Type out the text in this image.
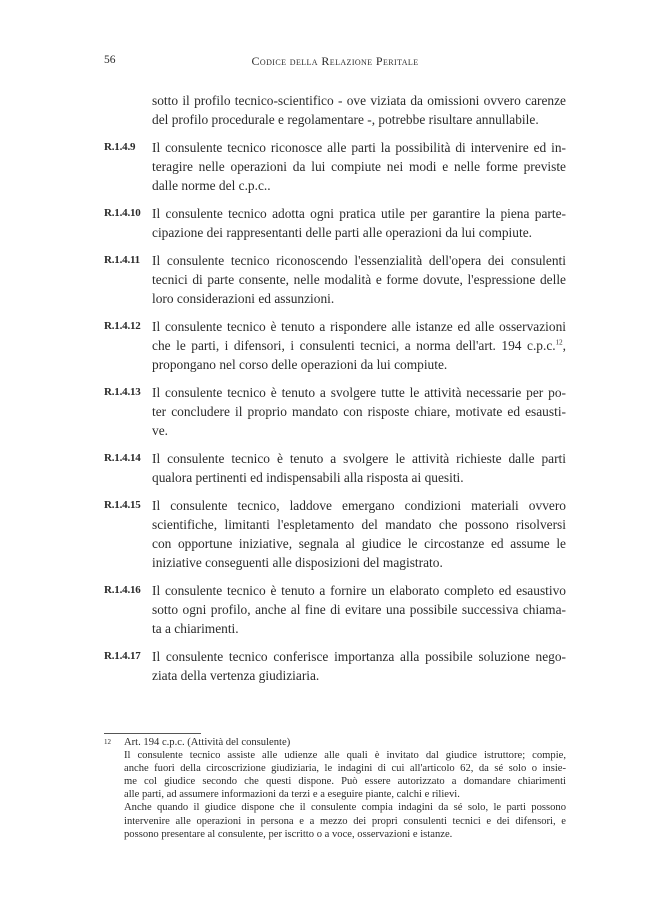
56	Codice della Relazione Peritale
sotto il profilo tecnico-scientifico - ove viziata da omissioni ovvero carenze
del profilo procedurale e regolamentare -, potrebbe risultare annullabile.
R.1.4.9 Il consulente tecnico riconosce alle parti la possibilità di intervenire ed in-
teragire nelle operazioni da lui compiute nei modi e nelle forme previste
dalle norme del c.p.c..
R.1.4.10 Il consulente tecnico adotta ogni pratica utile per garantire la piena parte-
cipazione dei rappresentanti delle parti alle operazioni da lui compiute.
R.1.4.11 Il consulente tecnico riconoscendo l'essenzialità dell'opera dei consulenti
tecnici di parte consente, nelle modalità e forme dovute, l'espressione delle
loro considerazioni ed assunzioni.
R.1.4.12 Il consulente tecnico è tenuto a rispondere alle istanze ed alle osservazioni
che le parti, i difensori, i consulenti tecnici, a norma dell'art. 194 c.p.c.$^{12}$,
propongano nel corso delle operazioni da lui compiute.
R.1.4.13 Il consulente tecnico è tenuto a svolgere tutte le attività necessarie per po-
ter concludere il proprio mandato con risposte chiare, motivate ed esausti-
ve.
R.1.4.14 Il consulente tecnico è tenuto a svolgere le attività richieste dalle parti
qualora pertinenti ed indispensabili alla risposta ai quesiti.
R.1.4.15 Il consulente tecnico, laddove emergano condizioni materiali ovvero
scientifiche, limitanti l'espletamento del mandato che possono risolversi
con opportune iniziative, segnala al giudice le circostanze ed assume le
iniziative conseguenti alle disposizioni del magistrato.
R.1.4.16 Il consulente tecnico è tenuto a fornire un elaborato completo ed esaustivo
sotto ogni profilo, anche al fine di evitare una possibile successiva chiama-
ta a chiarimenti.
R.1.4.17 Il consulente tecnico conferisce importanza alla possibile soluzione nego-
ziata della vertenza giudiziaria.
12 Art. 194 c.p.c. (Attività del consulente)
Il consulente tecnico assiste alle udienze alle quali è invitato dal giudice istruttore; compie,
anche fuori della circoscrizione giudiziaria, le indagini di cui all'articolo 62, da sé solo o insie-
me col giudice secondo che questi dispone. Può essere autorizzato a domandare chiarimenti
alle parti, ad assumere informazioni da terzi e a eseguire piante, calchi e rilievi.
Anche quando il giudice dispone che il consulente compia indagini da sé solo, le parti possono
intervenire alle operazioni in persona e a mezzo dei propri consulenti tecnici e dei difensori, e
possono presentare al consulente, per iscritto o a voce, osservazioni e istanze.
